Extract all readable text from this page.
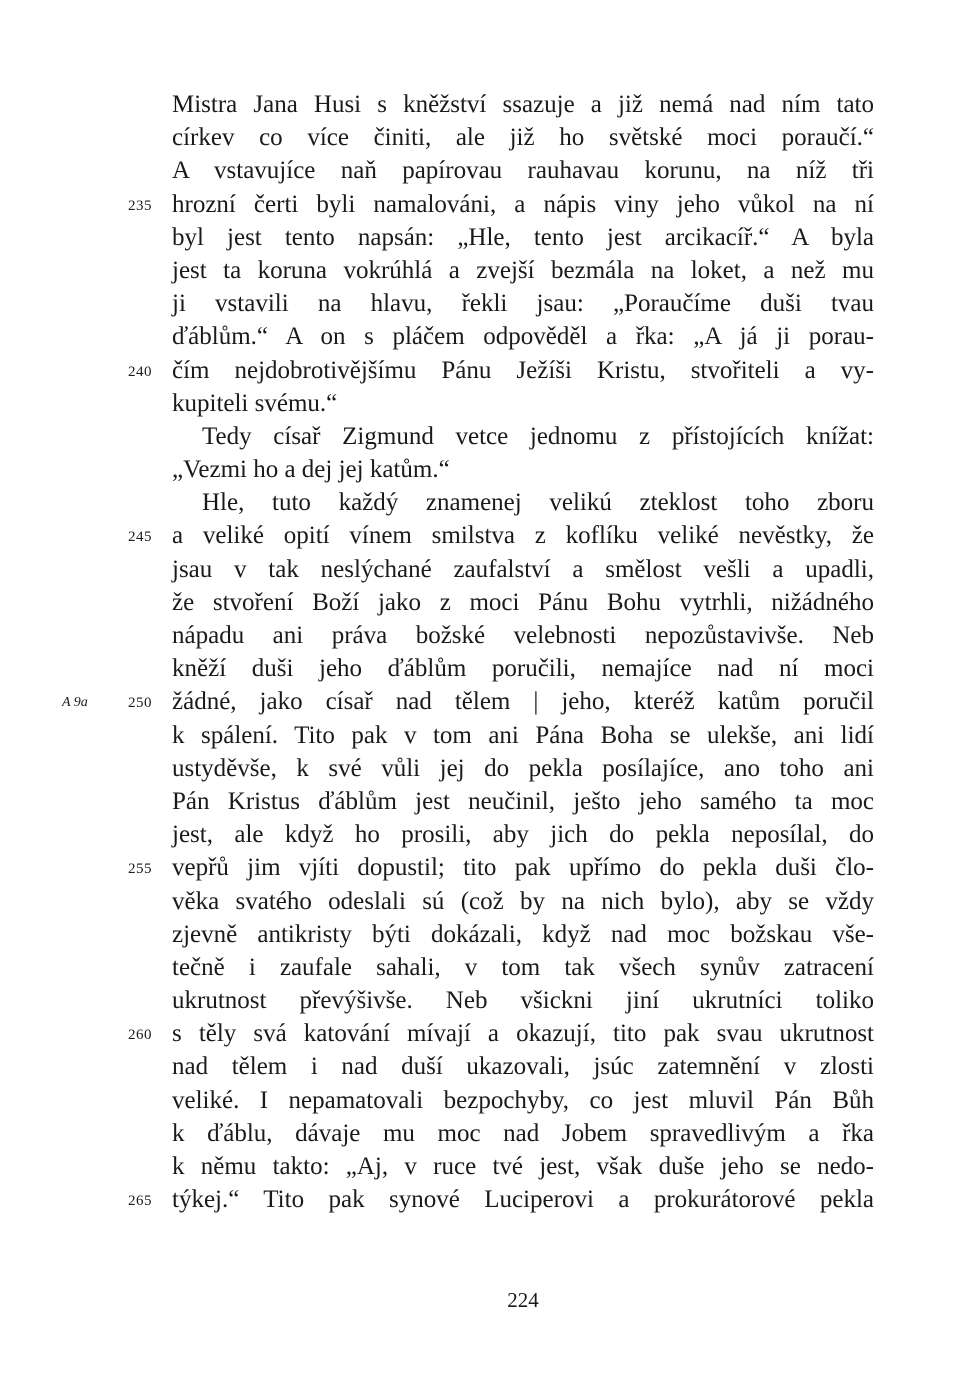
Mistra Jana Husi s kněžství ssazuje a již nemá nad ním tato
církev co více činiti, ale již ho světské moci poraučí.“
A vstavujíce naň papírovau rauhavau korunu, na níž tři
hrozní čerti byli namalováni, a nápis viny jeho vůkol na ní
235
byl jest tento napsán: „Hle, tento jest arcikacíř.“ A byla
jest ta koruna vokrúhlá a zvejší bezmála na loket, a než mu
ji vstavili na hlavu, řekli jsau: „Poraučíme duši tvau
ďáblům.“ A on s pláčem odpověděl a řka: „A já ji porau-
čím nejdobrotivějšímu Pánu Ježíši Kristu, stvořiteli a vy-
240
kupiteli svému.“
Tedy císař Zigmund vetce jednomu z přístojících knížat:
„Vezmi ho a dej jej katům.“
Hle, tuto každý znamenej velikú zteklost toho zboru
a veliké opití vínem smilstva z koflíku veliké nevěstky, že
245
jsau v tak neslýchané zaufalství a smělost vešli a upadli,
že stvoření Boží jako z moci Pánu Bohu vytrhli, nižádného
nápadu ani práva božské velebnosti nepozůstavivše. Neb
kněží duši jeho ďáblům poručili, nemajíce nad ní moci
žádné, jako císař nad tělem | jeho, kteréž katům poručil
250
A 9a
k spálení. Tito pak v tom ani Pána Boha se ulekše, ani lidí
ustyděvše, k své vůli jej do pekla posílajíce, ano toho ani
Pán Kristus ďáblům jest neučinil, ješto jeho samého ta moc
jest, ale když ho prosili, aby jich do pekla neposílal, do
vepřů jim vjíti dopustil; tito pak upřímo do pekla duši člo-
255
věka svatého odeslali sú (což by na nich bylo), aby se vždy
zjevně antikristy býti dokázali, když nad moc božskau vše-
tečně i zaufale sahali, v tom tak všech synův zatracení
ukrutnost převýšivše. Neb všickni jiní ukrutníci toliko
s těly svá katování mívají a okazují, tito pak svau ukrutnost
260
nad tělem i nad duší ukazovali, jsúc zatemnění v zlosti
veliké. I nepamatovali bezpochyby, co jest mluvil Pán Bůh
k ďáblu, dávaje mu moc nad Jobem spravedlivým a řka
k němu takto: „Aj, v ruce tvé jest, však duše jeho se nedo-
týkej.“ Tito pak synové Luciperovi a prokurátorové pekla
265
224
